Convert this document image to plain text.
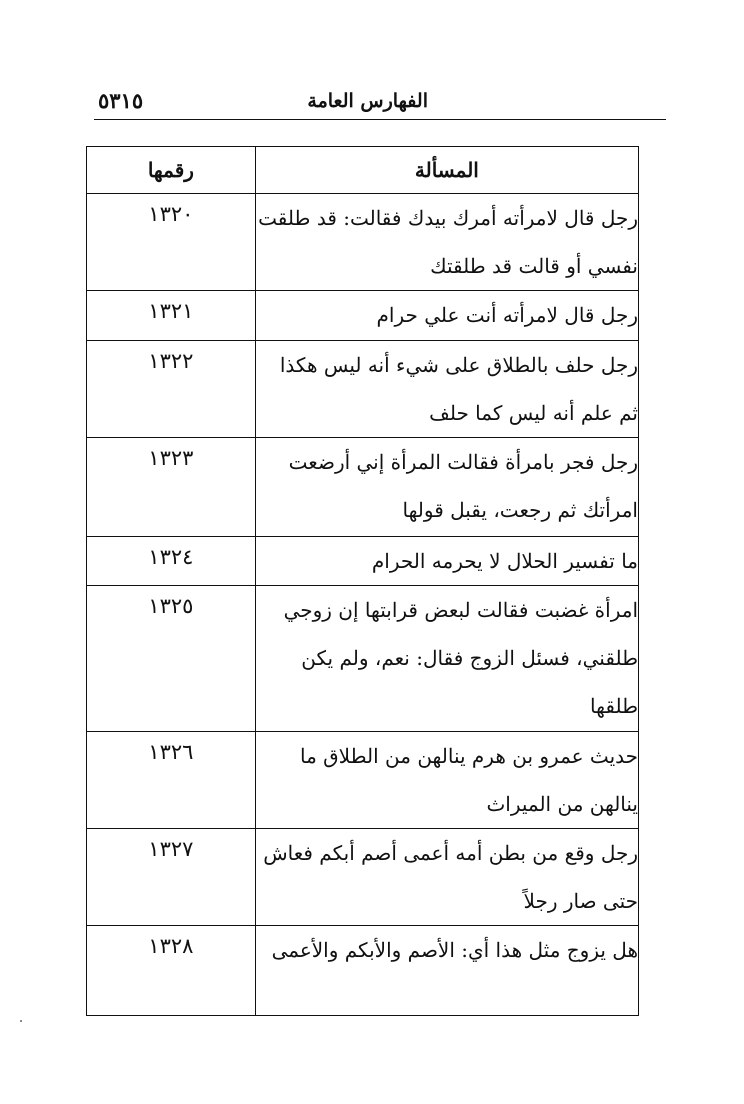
الفهارس العامة
٥٣١٥
المسألة	رقمها
رجل قال لامرأته أمرك بيدك فقالت: قد طلقت نفسي أو قالت قد طلقتك	١٣٢٠
رجل قال لامرأته أنت علي حرام	١٣٢١
رجل حلف بالطلاق على شيء أنه ليس هكذا ثم علم أنه ليس كما حلف	١٣٢٢
رجل فجر بامرأة فقالت المرأة إني أرضعت امرأتك ثم رجعت، يقبل قولها	١٣٢٣
ما تفسير الحلال لا يحرمه الحرام	١٣٢٤
امرأة غضبت فقالت لبعض قرابتها إن زوجي طلقني، فسئل الزوج فقال: نعم، ولم يكن طلقها	١٣٢٥
حديث عمرو بن هرم ينالهن من الطلاق ما ينالهن من الميراث	١٣٢٦
رجل وقع من بطن أمه أعمى أصم أبكم فعاش حتى صار رجلاً	١٣٢٧
هل يزوج مثل هذا أي: الأصم والأبكم والأعمى	١٣٢٨
